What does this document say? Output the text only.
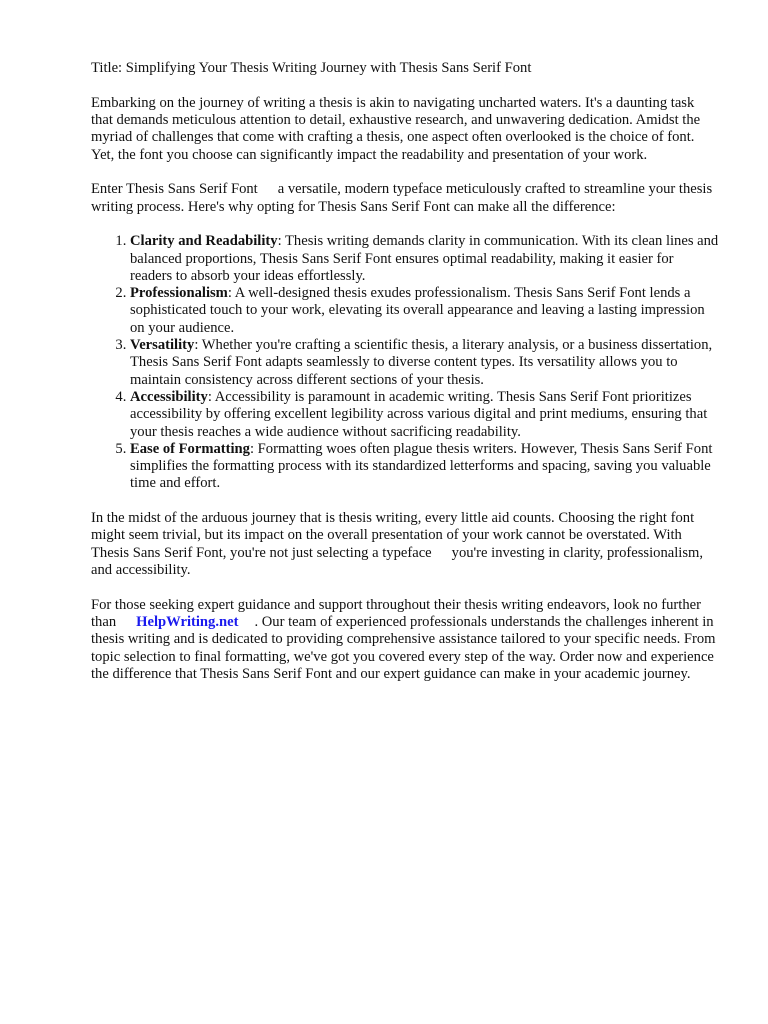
Title: Simplifying Your Thesis Writing Journey with Thesis Sans Serif Font

Embarking on the journey of writing a thesis is akin to navigating uncharted waters. It's a daunting task that demands meticulous attention to detail, exhaustive research, and unwavering dedication. Amidst the myriad of challenges that come with crafting a thesis, one aspect often overlooked is the choice of font. Yet, the font you choose can significantly impact the readability and presentation of your work.

Enter Thesis Sans Serif Font a versatile, modern typeface meticulously crafted to streamline your thesis writing process. Here's why opting for Thesis Sans Serif Font can make all the difference:

1. Clarity and Readability: Thesis writing demands clarity in communication. With its clean lines and balanced proportions, Thesis Sans Serif Font ensures optimal readability, making it easier for readers to absorb your ideas effortlessly.
2. Professionalism: A well-designed thesis exudes professionalism. Thesis Sans Serif Font lends a sophisticated touch to your work, elevating its overall appearance and leaving a lasting impression on your audience.
3. Versatility: Whether you're crafting a scientific thesis, a literary analysis, or a business dissertation, Thesis Sans Serif Font adapts seamlessly to diverse content types. Its versatility allows you to maintain consistency across different sections of your thesis.
4. Accessibility: Accessibility is paramount in academic writing. Thesis Sans Serif Font prioritizes accessibility by offering excellent legibility across various digital and print mediums, ensuring that your thesis reaches a wide audience without sacrificing readability.
5. Ease of Formatting: Formatting woes often plague thesis writers. However, Thesis Sans Serif Font simplifies the formatting process with its standardized letterforms and spacing, saving you valuable time and effort.

In the midst of the arduous journey that is thesis writing, every little aid counts. Choosing the right font might seem trivial, but its impact on the overall presentation of your work cannot be overstated. With Thesis Sans Serif Font, you're not just selecting a typeface you're investing in clarity, professionalism, and accessibility.

For those seeking expert guidance and support throughout their thesis writing endeavors, look no further than HelpWriting.net . Our team of experienced professionals understands the challenges inherent in thesis writing and is dedicated to providing comprehensive assistance tailored to your specific needs. From topic selection to final formatting, we've got you covered every step of the way. Order now and experience the difference that Thesis Sans Serif Font and our expert guidance can make in your academic journey.
